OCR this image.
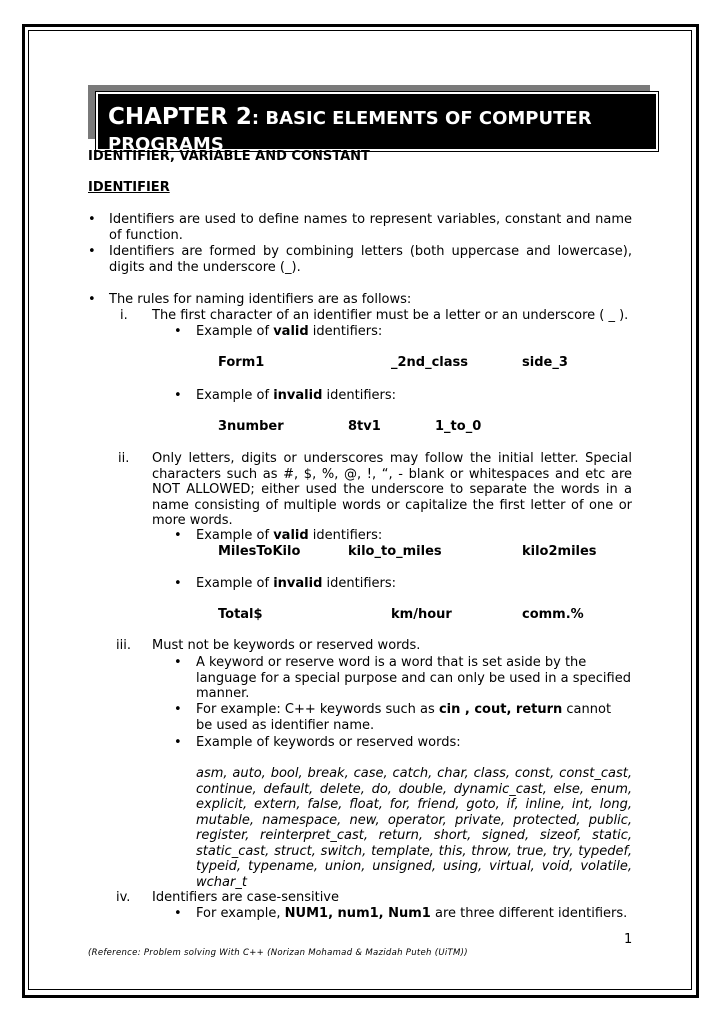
CHAPTER 2: BASIC ELEMENTS OF COMPUTER PROGRAMS
IDENTIFIER, VARIABLE AND CONSTANT
IDENTIFIER
• Identifiers are used to define names to represent variables, constant and name of function.
• Identifiers are formed by combining letters (both uppercase and lowercase), digits and the underscore (_).
• The rules for naming identifiers are as follows:
i. The first character of an identifier must be a letter or an underscore ( _ ).
• Example of valid identifiers:
Form1	_2nd_class	side_3
• Example of invalid identifiers:
3number	8tv1	1_to_0
ii. Only letters, digits or underscores may follow the initial letter. Special characters such as #, $, %, @, !, “, - blank or whitespaces and etc are NOT ALLOWED; either used the underscore to separate the words in a name consisting of multiple words or capitalize the first letter of one or more words.
• Example of valid identifiers:
MilesToKilo	kilo_to_miles	kilo2miles
• Example of invalid identifiers:
Total$	km/hour	comm.%
iii. Must not be keywords or reserved words.
• A keyword or reserve word is a word that is set aside by the language for a special purpose and can only be used in a specified manner.
• For example: C++ keywords such as cin , cout, return cannot be used as identifier name.
• Example of keywords or reserved words:
asm, auto, bool, break, case, catch, char, class, const, const_cast, continue, default, delete, do, double, dynamic_cast, else, enum, explicit, extern, false, float, for, friend, goto, if, inline, int, long, mutable, namespace, new, operator, private, protected, public, register, reinterpret_cast, return, short, signed, sizeof, static, static_cast, struct, switch, template, this, throw, true, try, typedef, typeid, typename, union, unsigned, using, virtual, void, volatile, wchar_t
iv. Identifiers are case-sensitive
• For example, NUM1, num1, Num1 are three different identifiers.
1
(Reference: Problem solving With C++ (Norizan Mohamad & Mazidah Puteh (UiTM))
